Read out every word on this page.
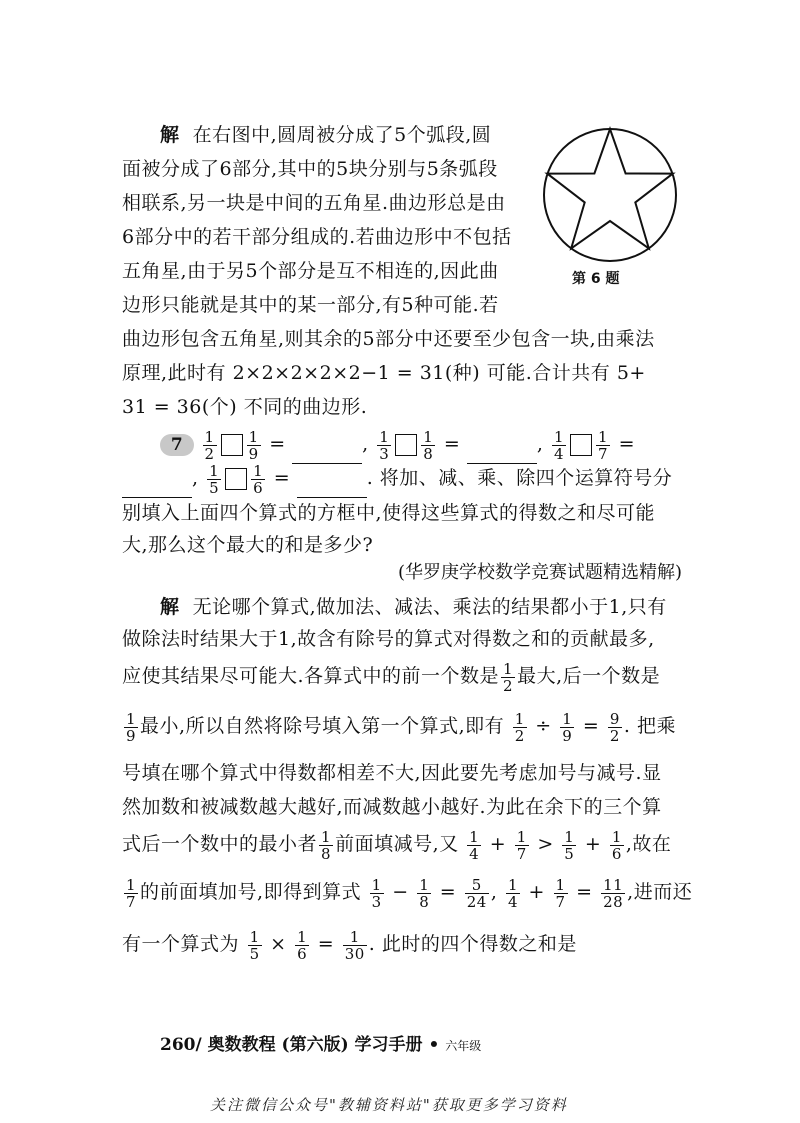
解 在右图中,圆周被分成了5个弧段,圆
面被分成了6部分,其中的5块分别与5条弧段
相联系,另一块是中间的五角星.曲边形总是由
6部分中的若干部分组成的.若曲边形中不包括
五角星,由于另5个部分是互不相连的,因此曲
边形只能就是其中的某一部分,有5种可能.若
曲边形包含五角星,则其余的5部分中还要至少包含一块,由乘法
原理,此时有 2×2×2×2×2−1 = 31(种) 可能.合计共有 5+
31 = 36(个) 不同的曲边形.
第 6 题
$7 \frac{1}{2} \frac{1}{9}$ =	, $\frac{1}{3} \frac{1}{8}$ =	, $\frac{1}{4} \frac{1}{7}$ =
, $\frac{1}{5} \frac{1}{6}$ =	. 将加、减、乘、除四个运算符号分
别填入上面四个算式的方框中,使得这些算式的得数之和尽可能
大,那么这个最大的和是多少?
(华罗庚学校数学竞赛试题精选精解)
解 无论哪个算式,做加法、减法、乘法的结果都小于1,只有
做除法时结果大于1,故含有除号的算式对得数之和的贡献最多,
应使其结果尽可能大.各算式中的前一个数是 $\frac{1}{2}$ 最大,后一个数是
$\frac{1}{9}$ 最小,所以自然将除号填入第一个算式,即有 $\frac{1}{2} \div \frac{1}{9} = \frac{9}{2}$ . 把乘
号填在哪个算式中得数都相差不大,因此要先考虑加号与减号.显
然加数和被减数越大越好,而减数越小越好.为此在余下的三个算
式后一个数中的最小者 $\frac{1}{8}$ 前面填减号,又 $\frac{1}{4} + \frac{1}{7} > \frac{1}{5} + \frac{1}{6}$ ,故在
$\frac{1}{7}$ 的前面填加号,即得到算式 $\frac{1}{3} - \frac{1}{8} = \frac{5}{24}$ , $\frac{1}{4} + \frac{1}{7} = \frac{11}{28}$ ,进而还
有一个算式为 $\frac{1}{5} \times \frac{1}{6} = \frac{1}{30}$ . 此时的四个得数之和是
260/ 奥数教程 (第六版) 学习手册 • 六年级
关注微信公众号"教辅资料站"获取更多学习资料
